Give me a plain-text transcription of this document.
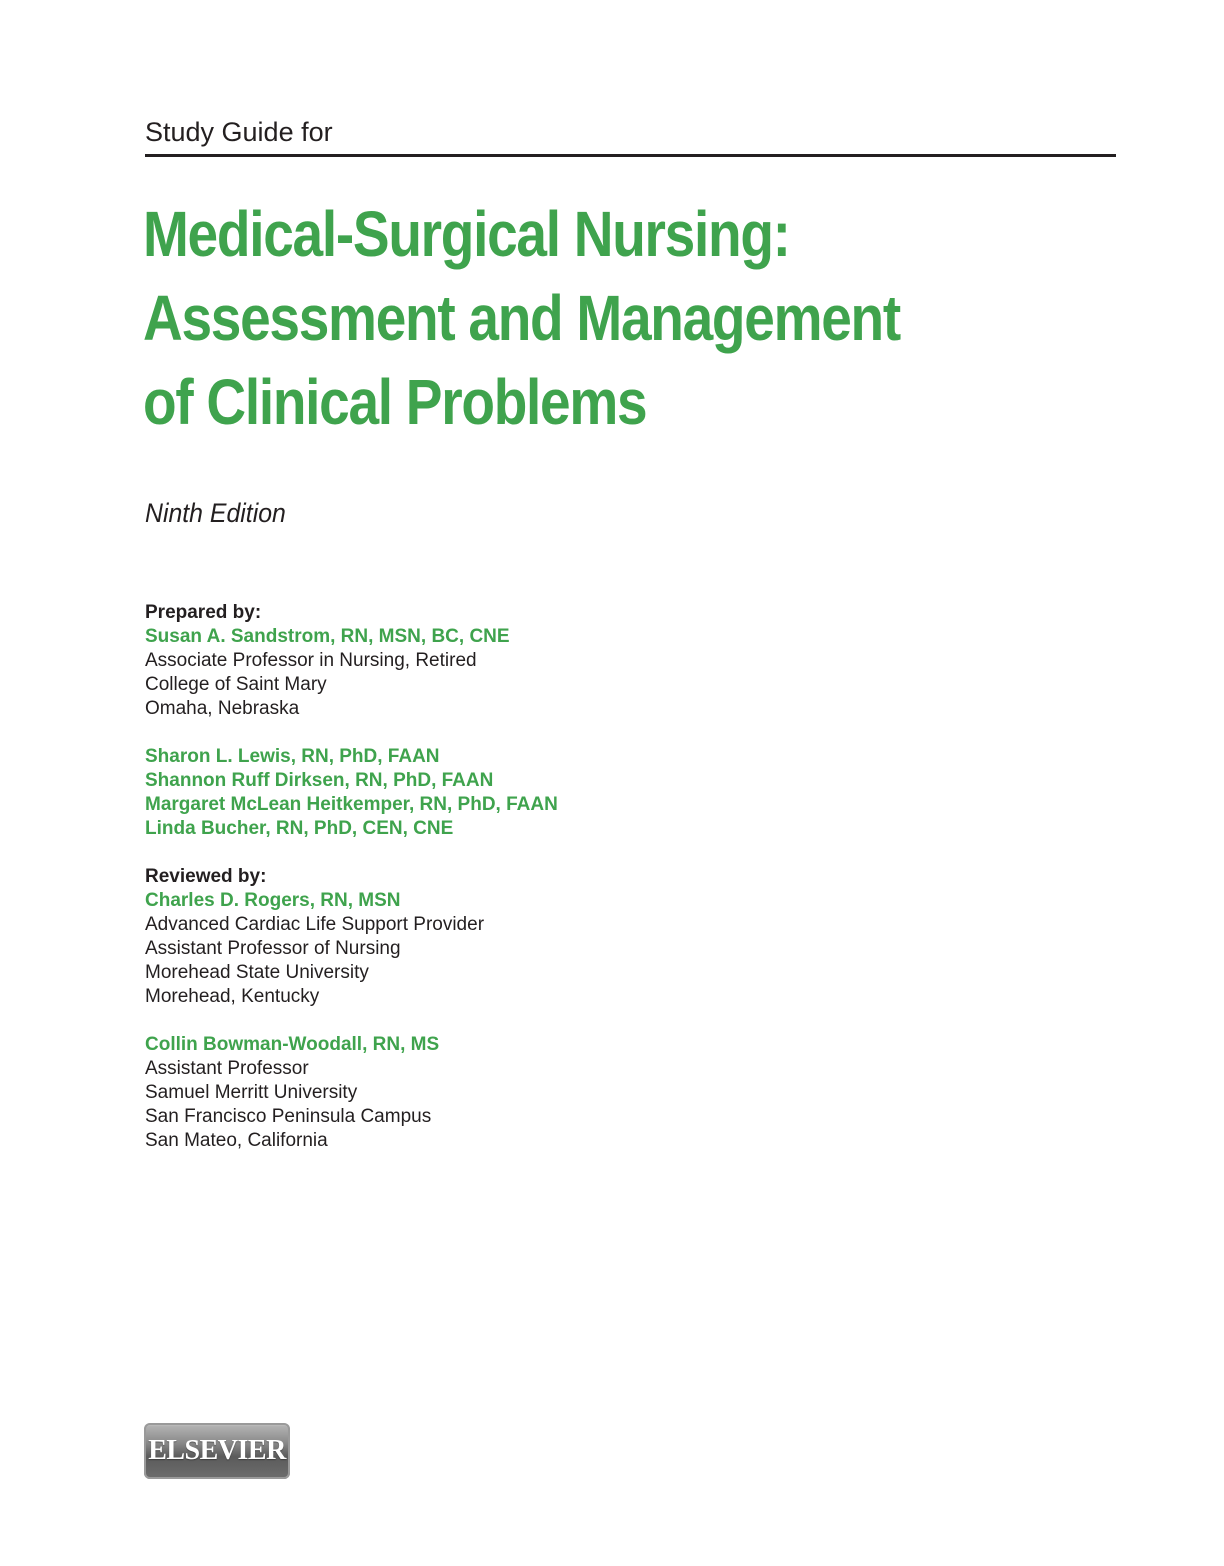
Study Guide for
Medical-Surgical Nursing:
Assessment and Management
of Clinical Problems
Ninth Edition
Prepared by:
Susan A. Sandstrom, RN, MSN, BC, CNE
Associate Professor in Nursing, Retired
College of Saint Mary
Omaha, Nebraska
Sharon L. Lewis, RN, PhD, FAAN
Shannon Ruff Dirksen, RN, PhD, FAAN
Margaret McLean Heitkemper, RN, PhD, FAAN
Linda Bucher, RN, PhD, CEN, CNE
Reviewed by:
Charles D. Rogers, RN, MSN
Advanced Cardiac Life Support Provider
Assistant Professor of Nursing
Morehead State University
Morehead, Kentucky
Collin Bowman-Woodall, RN, MS
Assistant Professor
Samuel Merritt University
San Francisco Peninsula Campus
San Mateo, California
ELSEVIER
